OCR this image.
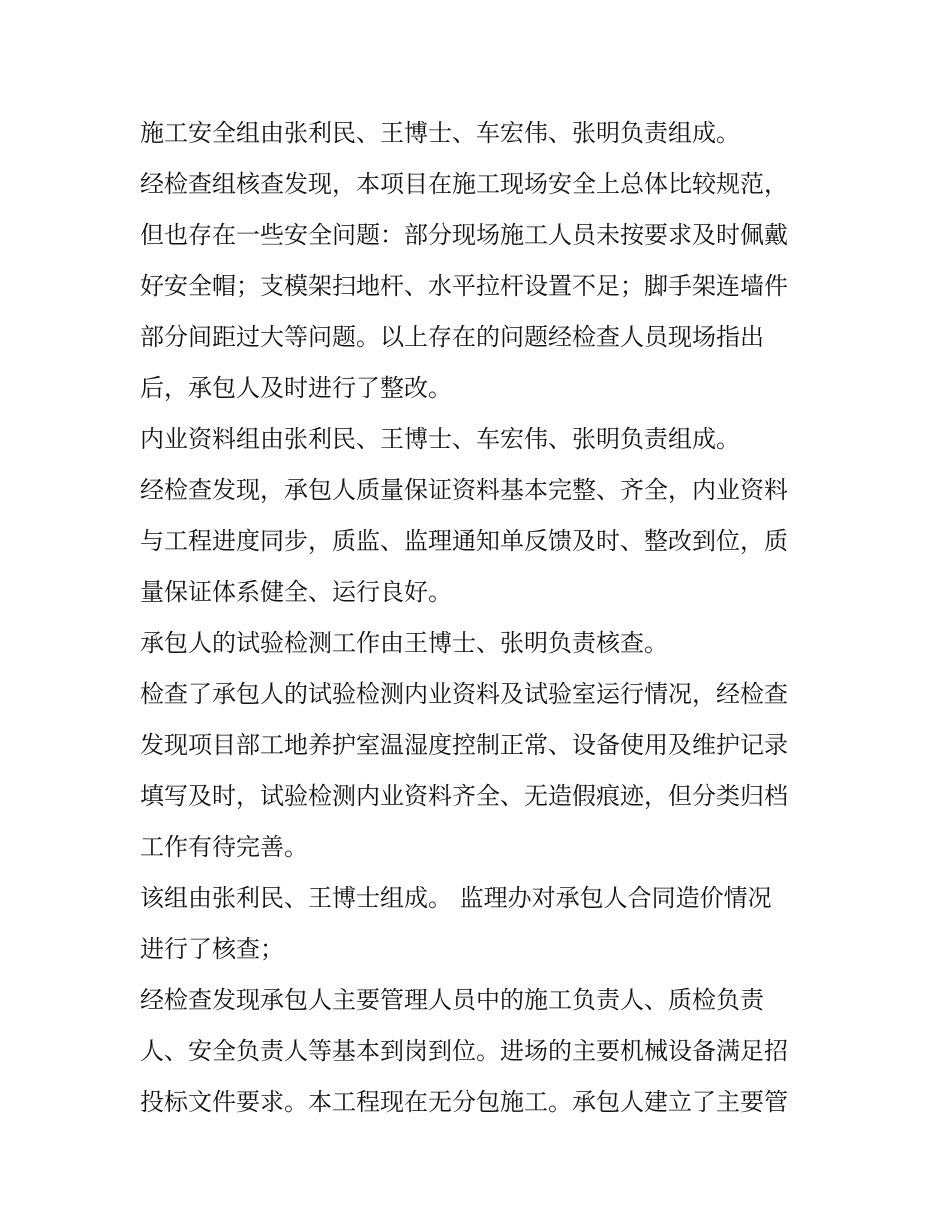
施工安全组由张利民、王博士、车宏伟、张明负责组成。
经检查组核查发现，本项目在施工现场安全上总体比较规范，
但也存在一些安全问题：部分现场施工人员未按要求及时佩戴
好安全帽；支模架扫地杆、水平拉杆设置不足；脚手架连墙件
部分间距过大等问题。以上存在的问题经检查人员现场指出
后，承包人及时进行了整改。
内业资料组由张利民、王博士、车宏伟、张明负责组成。
经检查发现，承包人质量保证资料基本完整、齐全，内业资料
与工程进度同步，质监、监理通知单反馈及时、整改到位，质
量保证体系健全、运行良好。
承包人的试验检测工作由王博士、张明负责核查。
检查了承包人的试验检测内业资料及试验室运行情况，经检查
发现项目部工地养护室温湿度控制正常、设备使用及维护记录
填写及时，试验检测内业资料齐全、无造假痕迹，但分类归档
工作有待完善。
该组由张利民、王博士组成。 监理办对承包人合同造价情况
进行了核查；
经检查发现承包人主要管理人员中的施工负责人、质检负责
人、安全负责人等基本到岗到位。进场的主要机械设备满足招
投标文件要求。本工程现在无分包施工。承包人建立了主要管
